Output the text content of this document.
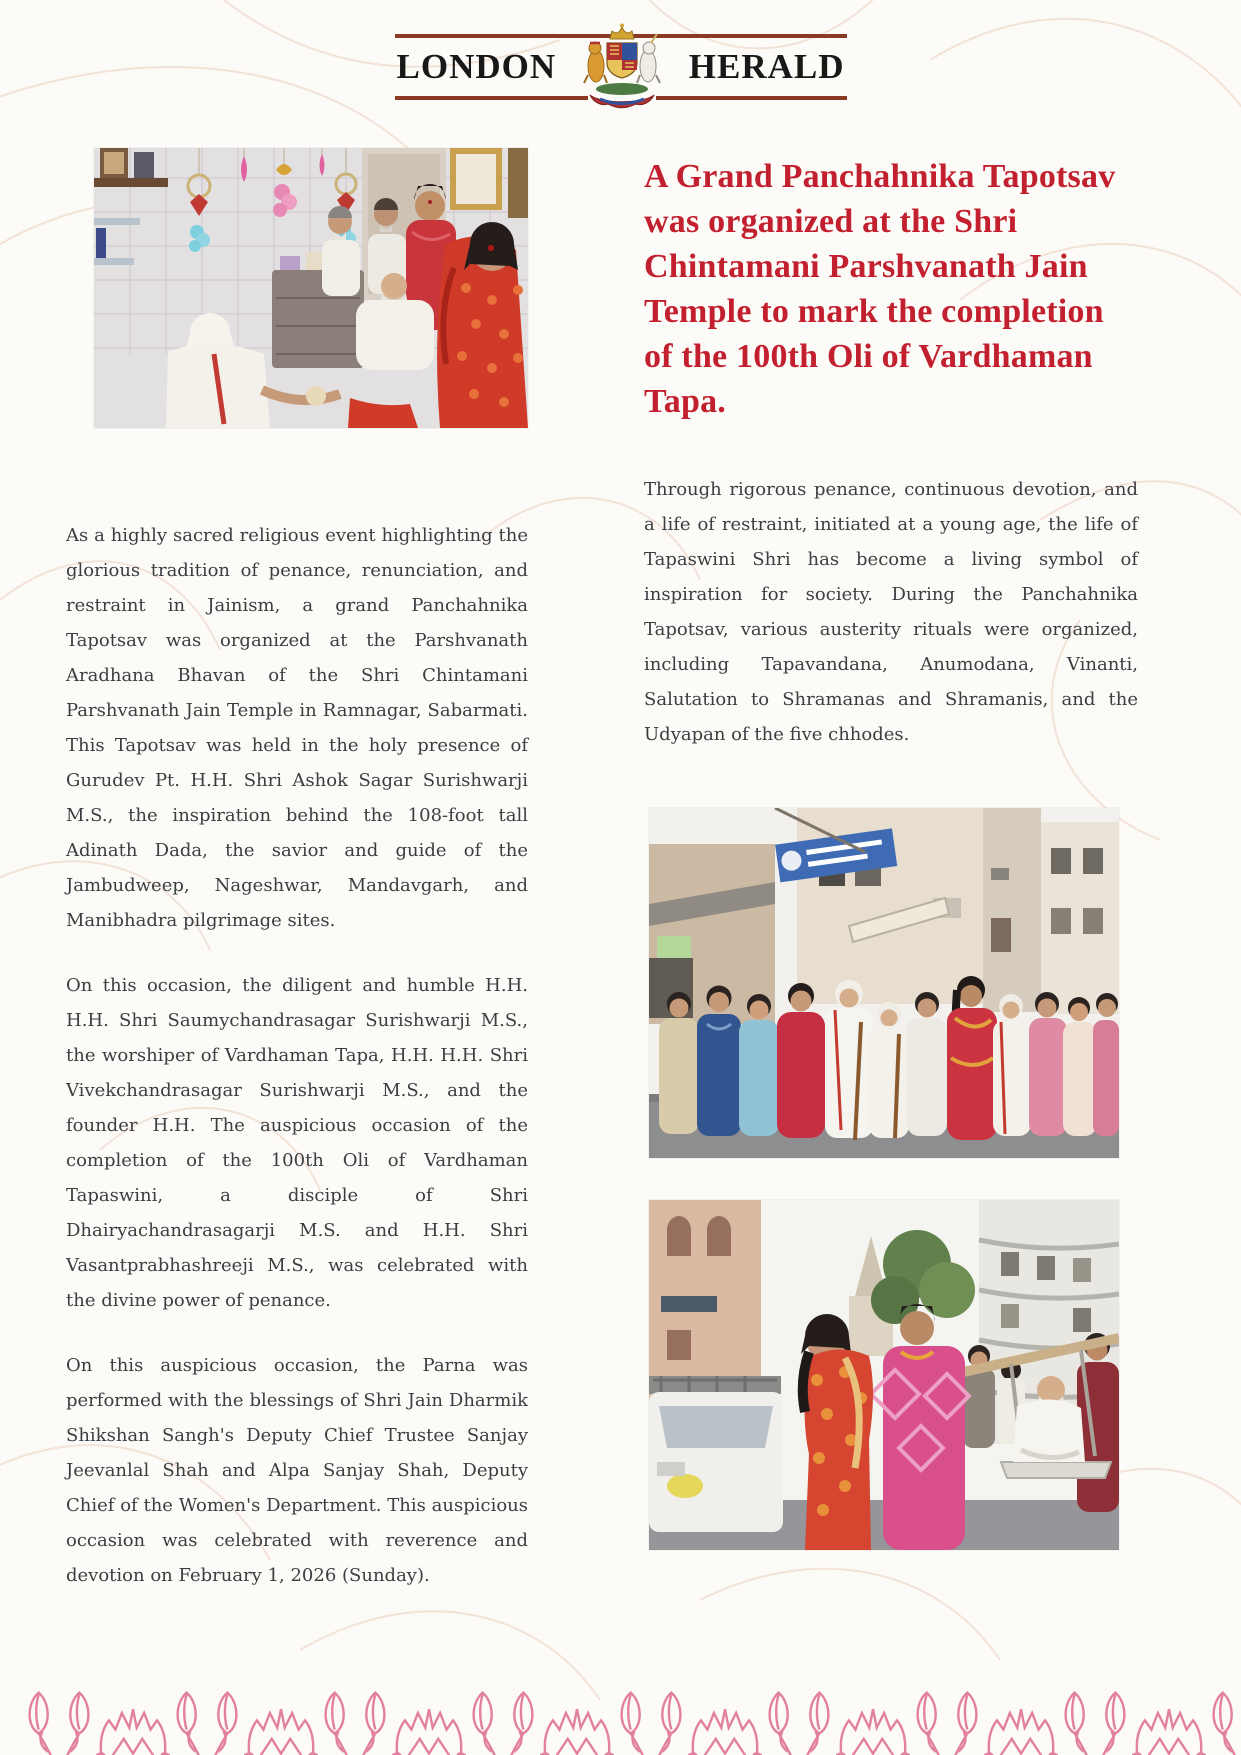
LONDON	HERALD

As a highly sacred religious event highlighting the glorious tradition of penance, renunciation, and restraint in Jainism, a grand Panchahnika Tapotsav was organized at the Parshvanath Aradhana Bhavan of the Shri Chintamani Parshvanath Jain Temple in Ramnagar, Sabarmati. This Tapotsav was held in the holy presence of Gurudev Pt. H.H. Shri Ashok Sagar Surishwarji M.S., the inspiration behind the 108-foot tall Adinath Dada, the savior and guide of the Jambudweep, Nageshwar, Mandavgarh, and Manibhadra pilgrimage sites.

On this occasion, the diligent and humble H.H. H.H. Shri Saumychandrasagar Surishwarji M.S., the worshiper of Vardhaman Tapa, H.H. H.H. Shri Vivekchandrasagar Surishwarji M.S., and the founder H.H. The auspicious occasion of the completion of the 100th Oli of Vardhaman Tapaswini, a disciple of Shri Dhairyachandrasagarji M.S. and H.H. Shri Vasantprabhashreeji M.S., was celebrated with the divine power of penance.

On this auspicious occasion, the Parna was performed with the blessings of Shri Jain Dharmik Shikshan Sangh's Deputy Chief Trustee Sanjay Jeevanlal Shah and Alpa Sanjay Shah, Deputy Chief of the Women's Department. This auspicious occasion was celebrated with reverence and devotion on February 1, 2026 (Sunday).

A Grand Panchahnika Tapotsav was organized at the Shri Chintamani Parshvanath Jain Temple to mark the completion of the 100th Oli of Vardhaman Tapa.

Through rigorous penance, continuous devotion, and a life of restraint, initiated at a young age, the life of Tapaswini Shri has become a living symbol of inspiration for society. During the Panchahnika Tapotsav, various austerity rituals were organized, including Tapavandana, Anumodana, Vinanti, Salutation to Shramanas and Shramanis, and the Udyapan of the five chhodes.
